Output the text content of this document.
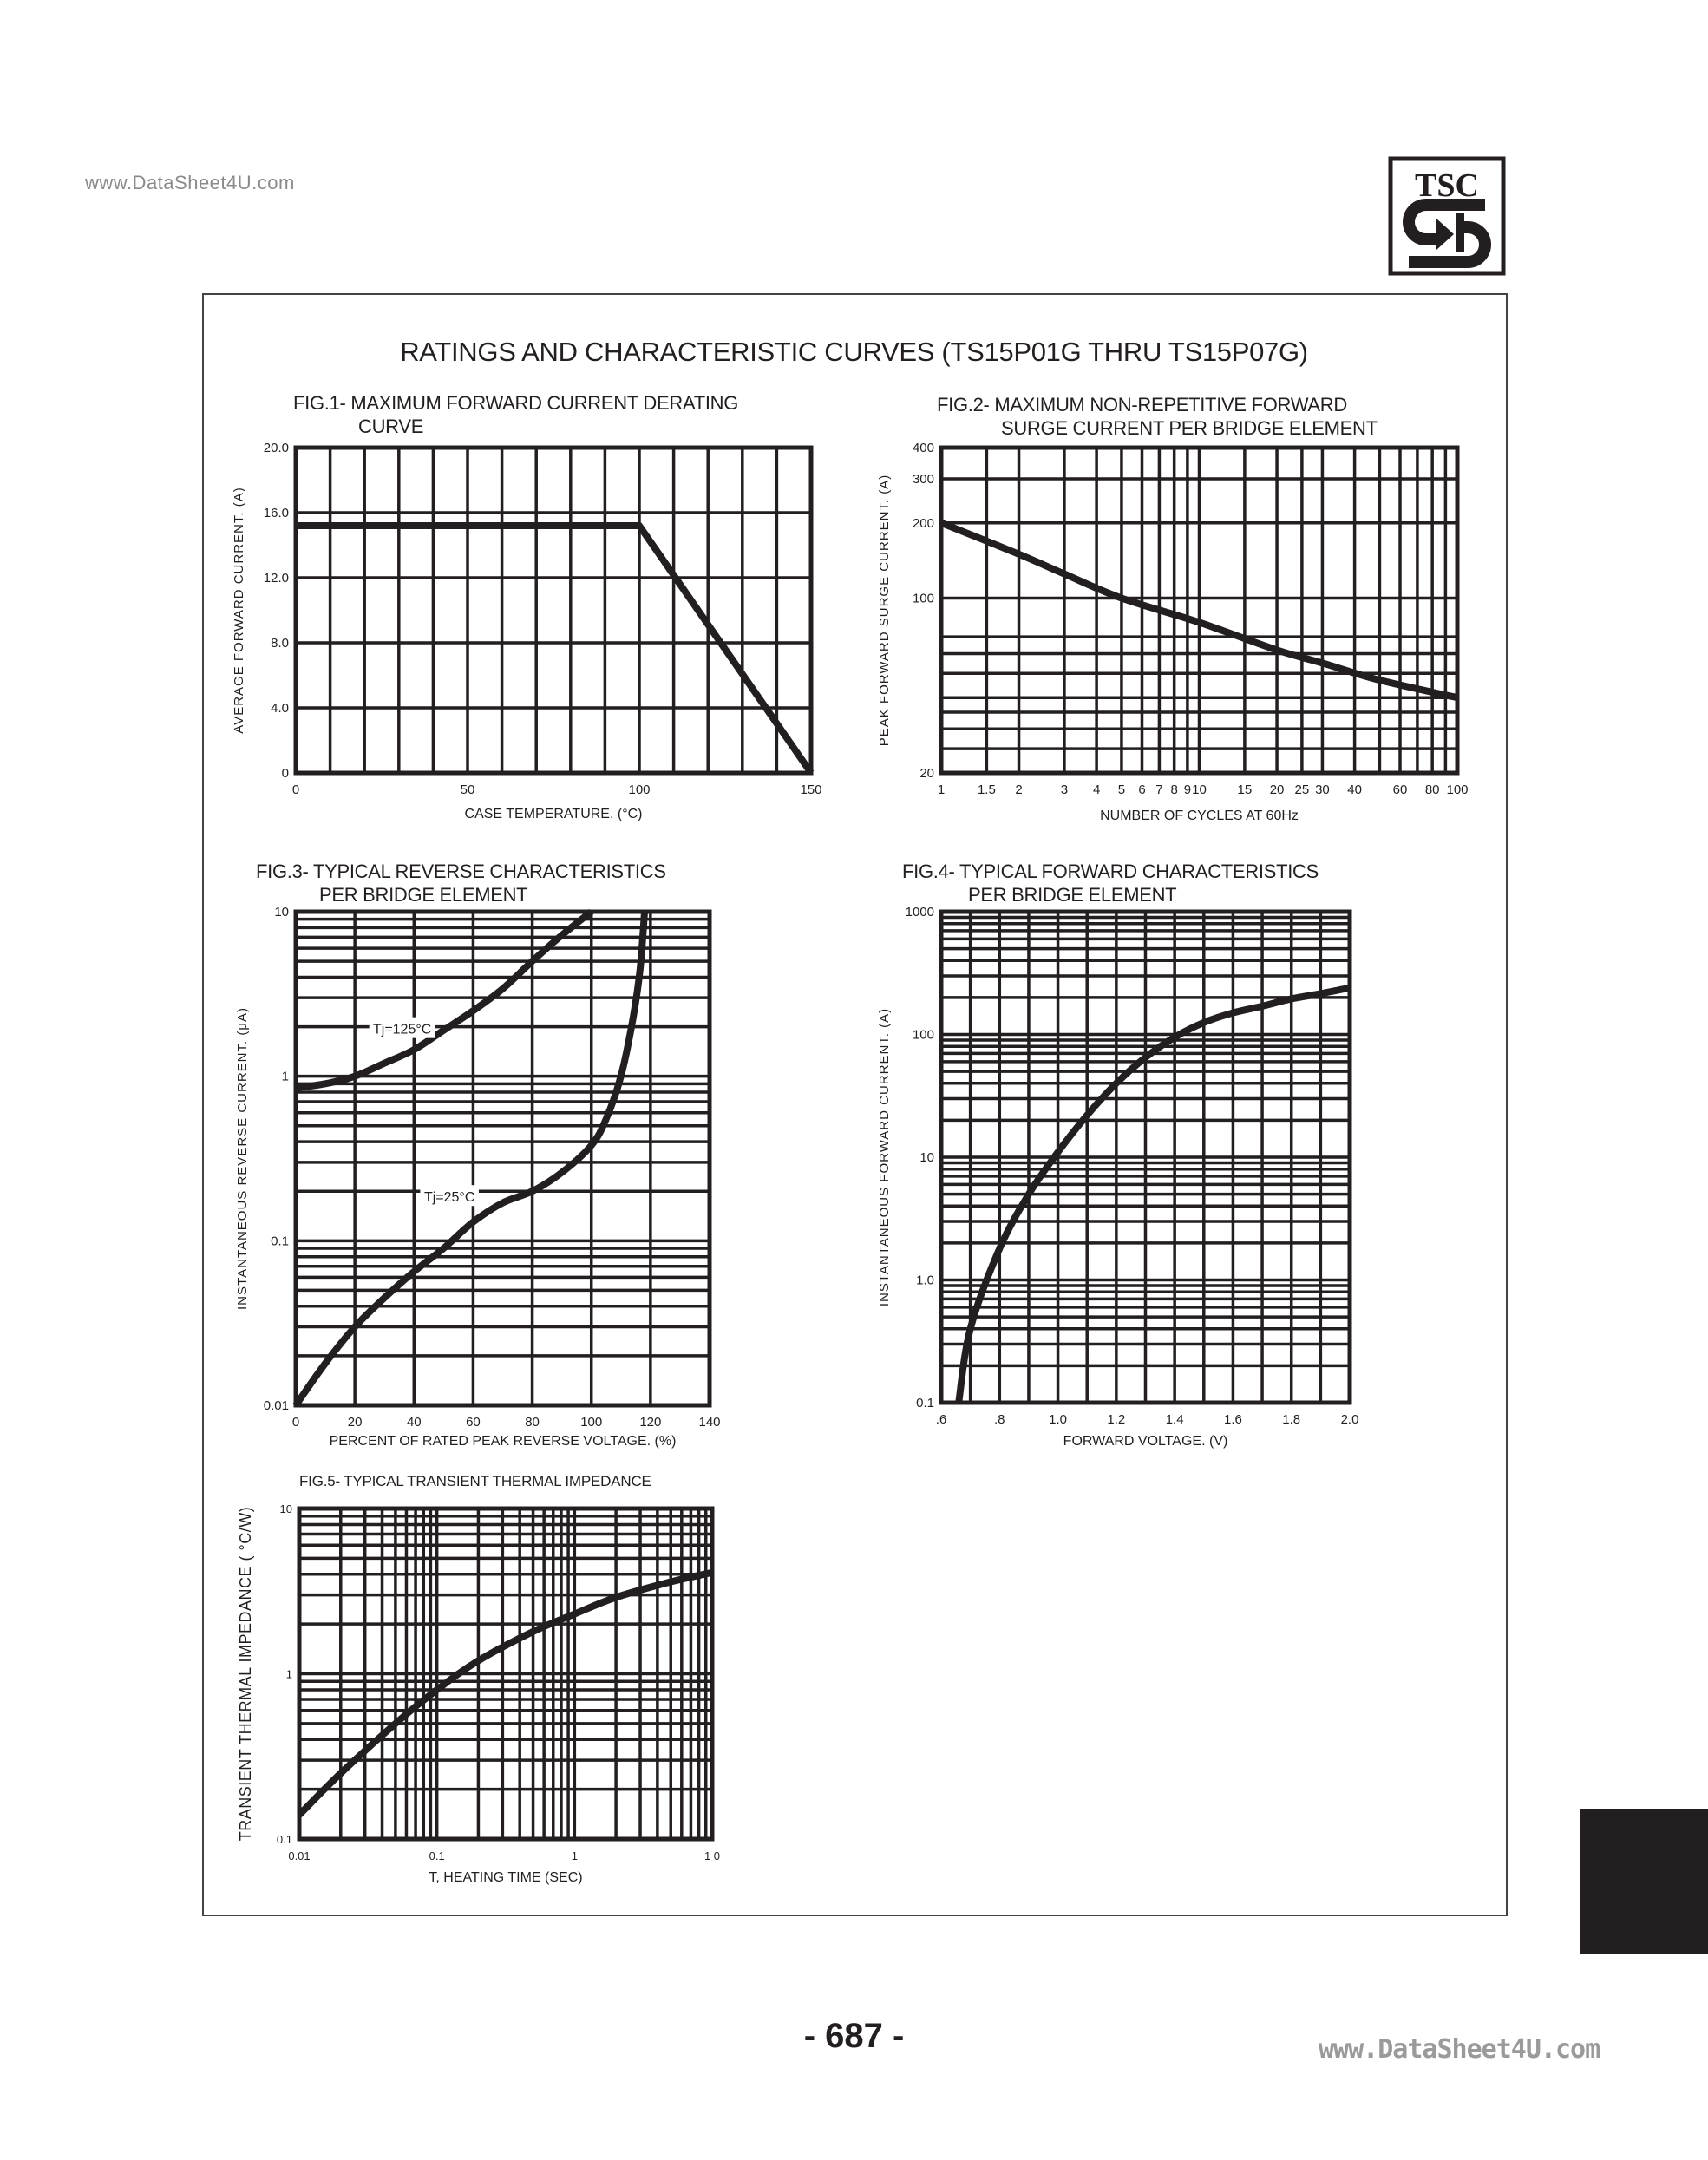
www.DataSheet4U.com	TSC
RATINGS AND CHARACTERISTIC CURVES (TS15P01G THRU TS15P07G)
FIG.1- MAXIMUM FORWARD CURRENT DERATING
CURVE
FIG.2- MAXIMUM NON-REPETITIVE FORWARD
SURGE CURRENT PER BRIDGE ELEMENT
FIG.3- TYPICAL REVERSE CHARACTERISTICS
PER BRIDGE ELEMENT
FIG.4- TYPICAL FORWARD CHARACTERISTICS
PER BRIDGE ELEMENT
FIG.5- TYPICAL TRANSIENT THERMAL IMPEDANCE
0	50	100	150
0
4.0
8.0
12.0
16.0
20.0
CASE TEMPERATURE. (°C)
AVERAGE FORWARD CURRENT. (A)
1	1.5 2	3 4 5 6 7 8 9 10 15 20 25 30 40 60 80 100
20
100
200
300
400
NUMBER OF CYCLES AT 60Hz
PEAK FORWARD SURGE CURRENT. (A)
Tj=125°C
Tj=25°C
0	20	40	60	80	100	120	140
0.01
0.1
1
10
PERCENT OF RATED PEAK REVERSE VOLTAGE. (%)
INSTANTANEOUS REVERSE CURRENT. (μA)
.6	.8	1.0	1.2	1.4	1.6	1.8	2.0
0.1
1.0
10
100
1000
FORWARD VOLTAGE. (V)
INSTANTANEOUS FORWARD CURRENT. (A)
0.01	0.1	1	1 0
0.1
1
10
T, HEATING TIME (SEC)
TRANSIENT THERMAL IMPEDANCE ( °C/W)
- 687 -	www.DataSheet4U.com
